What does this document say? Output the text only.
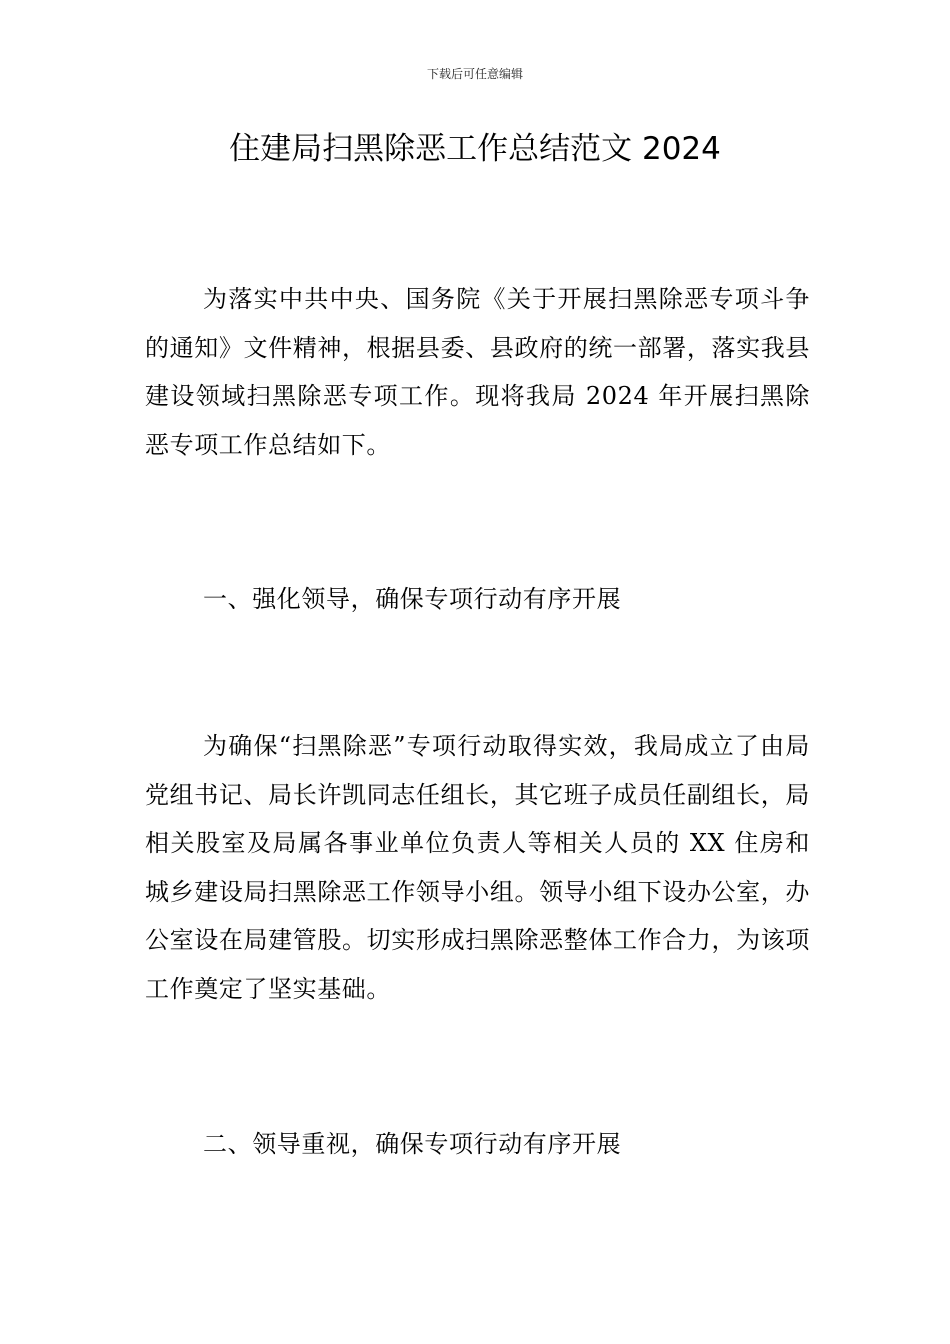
下载后可任意编辑
住建局扫黑除恶工作总结范文 2024

为落实中共中央、国务院《关于开展扫黑除恶专项斗争的通知》文件精神，根据县委、县政府的统一部署，落实我县建设领域扫黑除恶专项工作。现将我局 2024 年开展扫黑除恶专项工作总结如下。

一、强化领导，确保专项行动有序开展

为确保“扫黑除恶”专项行动取得实效，我局成立了由局党组书记、局长许凯同志任组长，其它班子成员任副组长，局相关股室及局属各事业单位负责人等相关人员的 XX 住房和城乡建设局扫黑除恶工作领导小组。领导小组下设办公室，办公室设在局建管股。切实形成扫黑除恶整体工作合力，为该项工作奠定了坚实基础。

二、领导重视，确保专项行动有序开展
